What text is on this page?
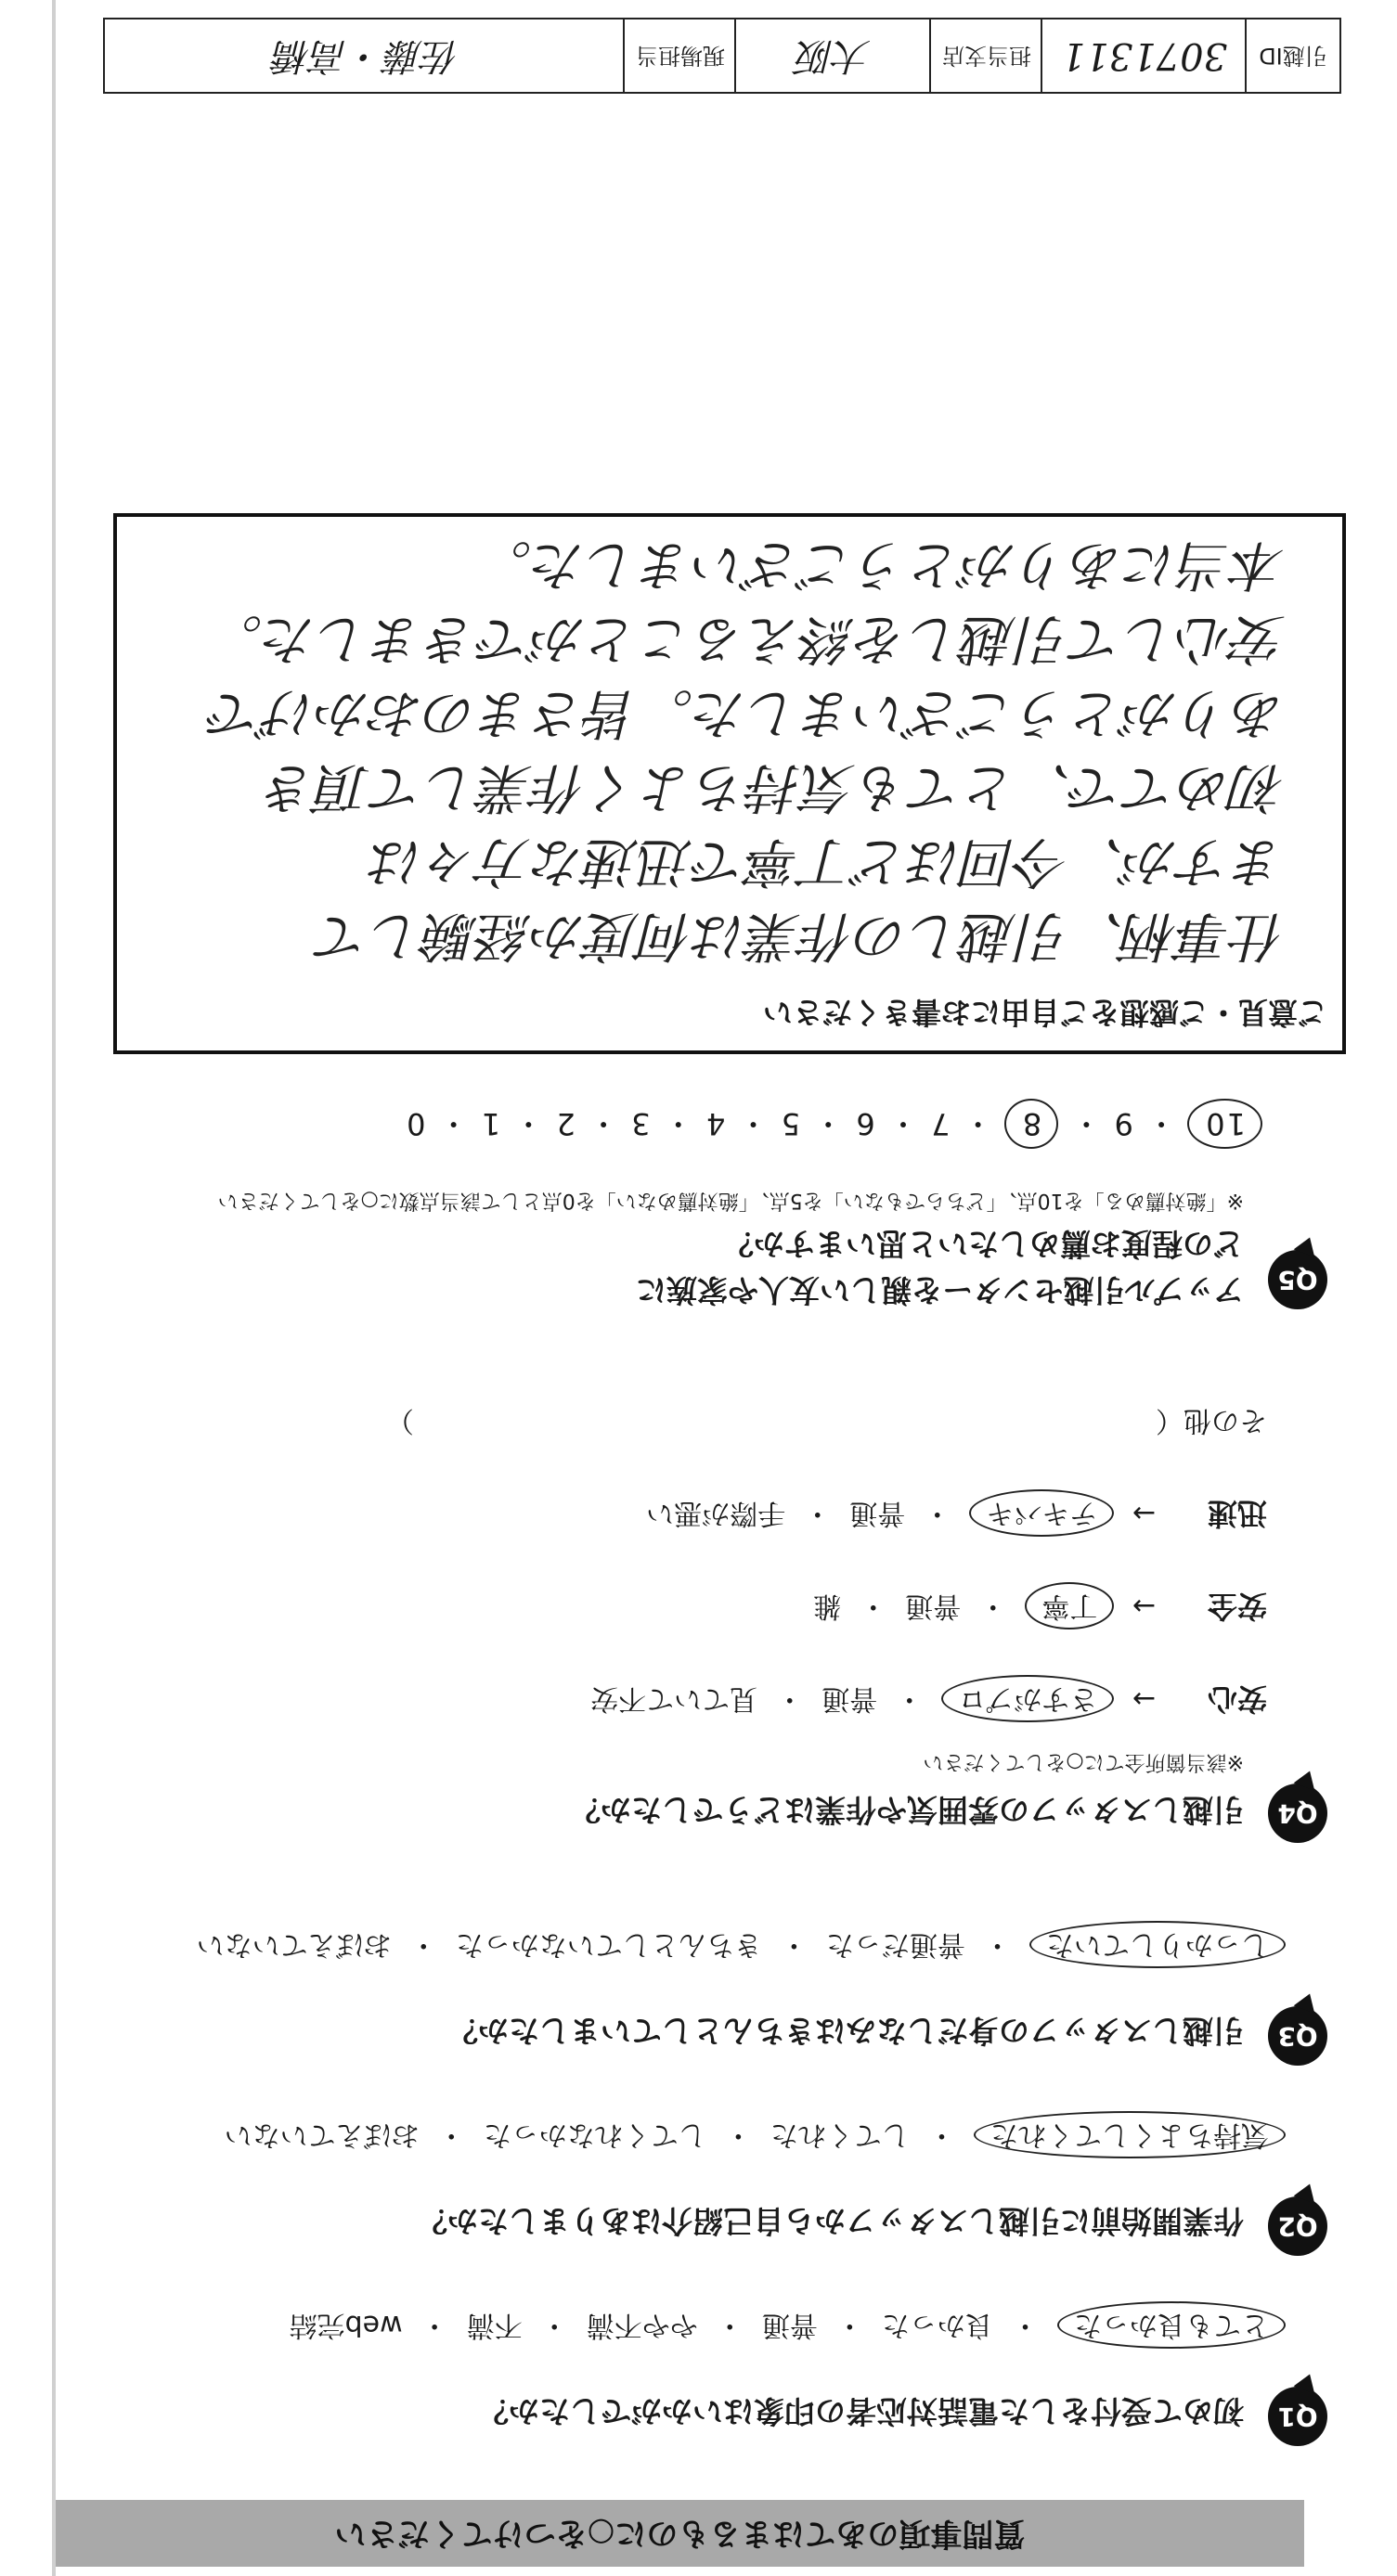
質問事項のあてはまるものに○をつけてください
Q1
初めて受付をした電話対応者の印象はいかがでしたか？
とても良かった ・ 良かった ・ 普通 ・ やや不満 ・ 不満 ・ web完結
Q2
作業開始前に引越しスタッフから自己紹介はありましたか？
気持ちよくしてくれた ・ してくれた ・ してくれなかった ・ おぼえていない
Q3
引越しスタッフの身だしなみはきちんとしていましたか？
しっかりしていた ・ 普通だった ・ きちんとしていなかった ・ おぼえていない
Q4
引越しスタッフの雰囲気や作業はどうでしたか？
※該当箇所全てに○をしてください
安心
→ さすがプロ ・ 普通 ・ 見ていて不安
安全
→ 丁寧 ・ 普通 ・ 雑
迅速
→ テキパキ ・ 普通 ・ 手際が悪い
その他（  ）
Q5
アップル引越センターを親しい友人や家族に
どの程度お薦めしたいと思いますか？
※「絶対薦める」を10点、「どちらでもない」を5点、「絶対薦めない」を0点として該当点数に○をしてください
10 ・ 9 ・ 8 ・ 7 ・ 6 ・ 5 ・ 4 ・ 3 ・ 2 ・ 1 ・ 0
ご意見・ご感想をご自由にお書きください
仕事柄、引越しの作業は何度か経験して
ますが、今回ほど丁寧で迅速な方々は
初めてで、とても気持ちよく作業して頂き
ありがとうございました。皆さまのおかげで
安心して引越しを終えることができました。
本当にありがとうございました。
引越ID
3071311
担当支店
大阪
現場担当
佐藤・高橋
